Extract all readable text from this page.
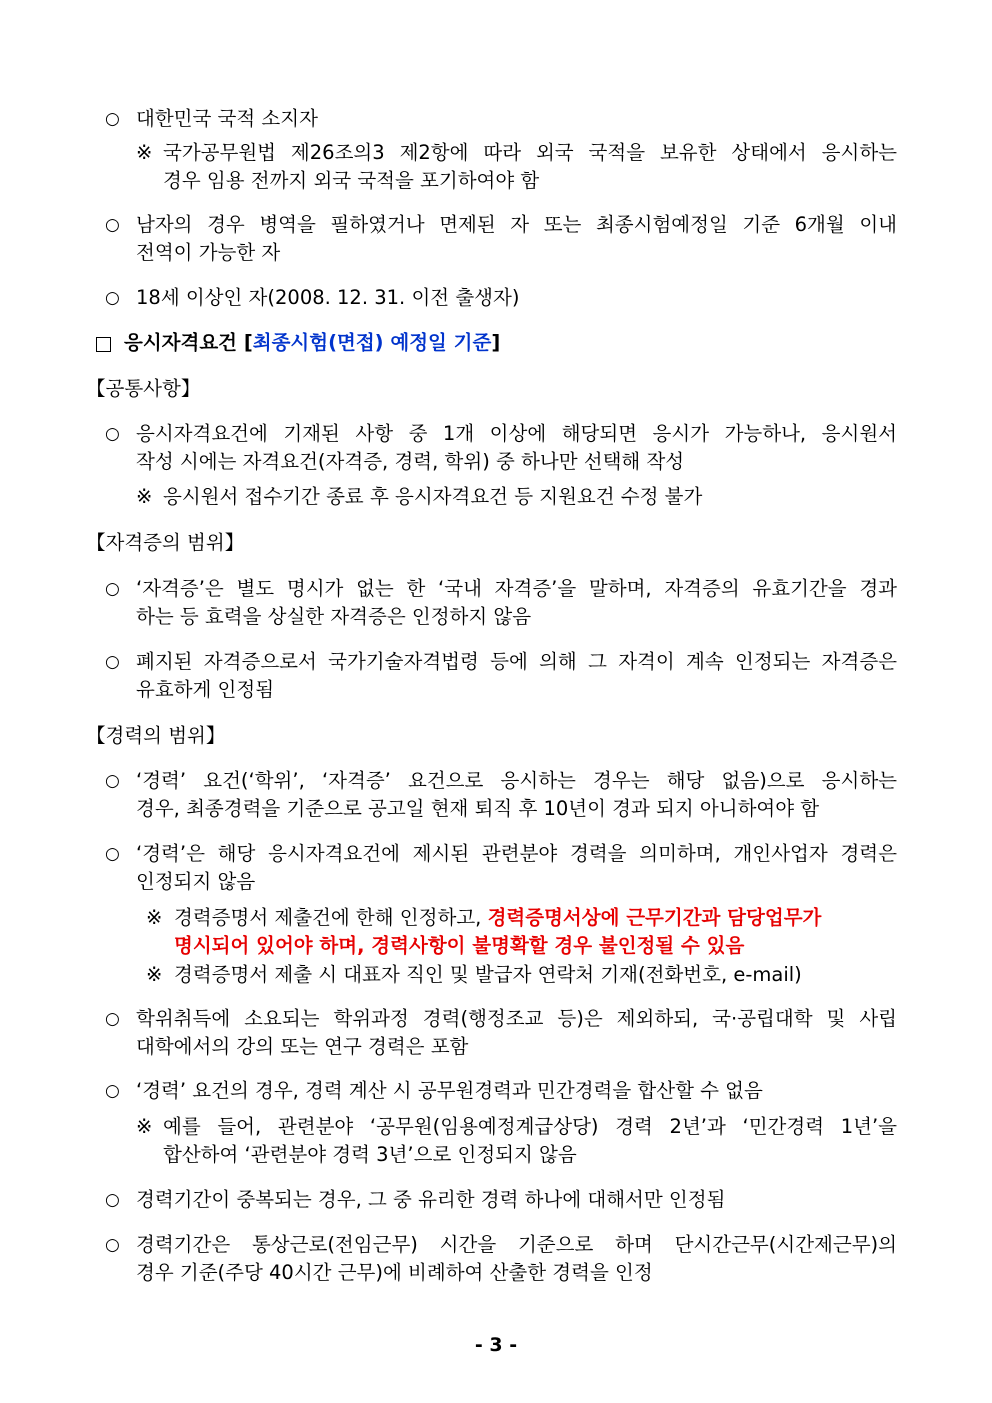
○ 대한민국 국적 소지자
※ 국가공무원법 제26조의3 제2항에 따라 외국 국적을 보유한 상태에서 응시하는
경우 임용 전까지 외국 국적을 포기하여야 함
○ 남자의 경우 병역을 필하였거나 면제된 자 또는 최종시험예정일 기준 6개월 이내
전역이 가능한 자
○ 18세 이상인 자(2008. 12. 31. 이전 출생자)
응시자격요건 [최종시험(면접) 예정일 기준]
【공통사항】
○ 응시자격요건에 기재된 사항 중 1개 이상에 해당되면 응시가 가능하나, 응시원서
작성 시에는 자격요건(자격증, 경력, 학위) 중 하나만 선택해 작성
※ 응시원서 접수기간 종료 후 응시자격요건 등 지원요건 수정 불가
【자격증의 범위】
○ ‘자격증’은 별도 명시가 없는 한 ‘국내 자격증’을 말하며, 자격증의 유효기간을 경과
하는 등 효력을 상실한 자격증은 인정하지 않음
○ 폐지된 자격증으로서 국가기술자격법령 등에 의해 그 자격이 계속 인정되는 자격증은
유효하게 인정됨
【경력의 범위】
○ ‘경력’ 요건(‘학위’, ‘자격증’ 요건으로 응시하는 경우는 해당 없음)으로 응시하는
경우, 최종경력을 기준으로 공고일 현재 퇴직 후 10년이 경과 되지 아니하여야 함
○ ‘경력’은 해당 응시자격요건에 제시된 관련분야 경력을 의미하며, 개인사업자 경력은
인정되지 않음
※ 경력증명서 제출건에 한해 인정하고, 경력증명서상에 근무기간과 담당업무가
명시되어 있어야 하며, 경력사항이 불명확할 경우 불인정될 수 있음
※ 경력증명서 제출 시 대표자 직인 및 발급자 연락처 기재(전화번호, e-mail)
○ 학위취득에 소요되는 학위과정 경력(행정조교 등)은 제외하되, 국·공립대학 및 사립
대학에서의 강의 또는 연구 경력은 포함
○ ‘경력’ 요건의 경우, 경력 계산 시 공무원경력과 민간경력을 합산할 수 없음
※ 예를 들어, 관련분야 ‘공무원(임용예정계급상당) 경력 2년’과 ‘민간경력 1년’을
합산하여 ‘관련분야 경력 3년’으로 인정되지 않음
○ 경력기간이 중복되는 경우, 그 중 유리한 경력 하나에 대해서만 인정됨
○ 경력기간은 통상근로(전임근무) 시간을 기준으로 하며 단시간근무(시간제근무)의
경우 기준(주당 40시간 근무)에 비례하여 산출한 경력을 인정
- 3 -
